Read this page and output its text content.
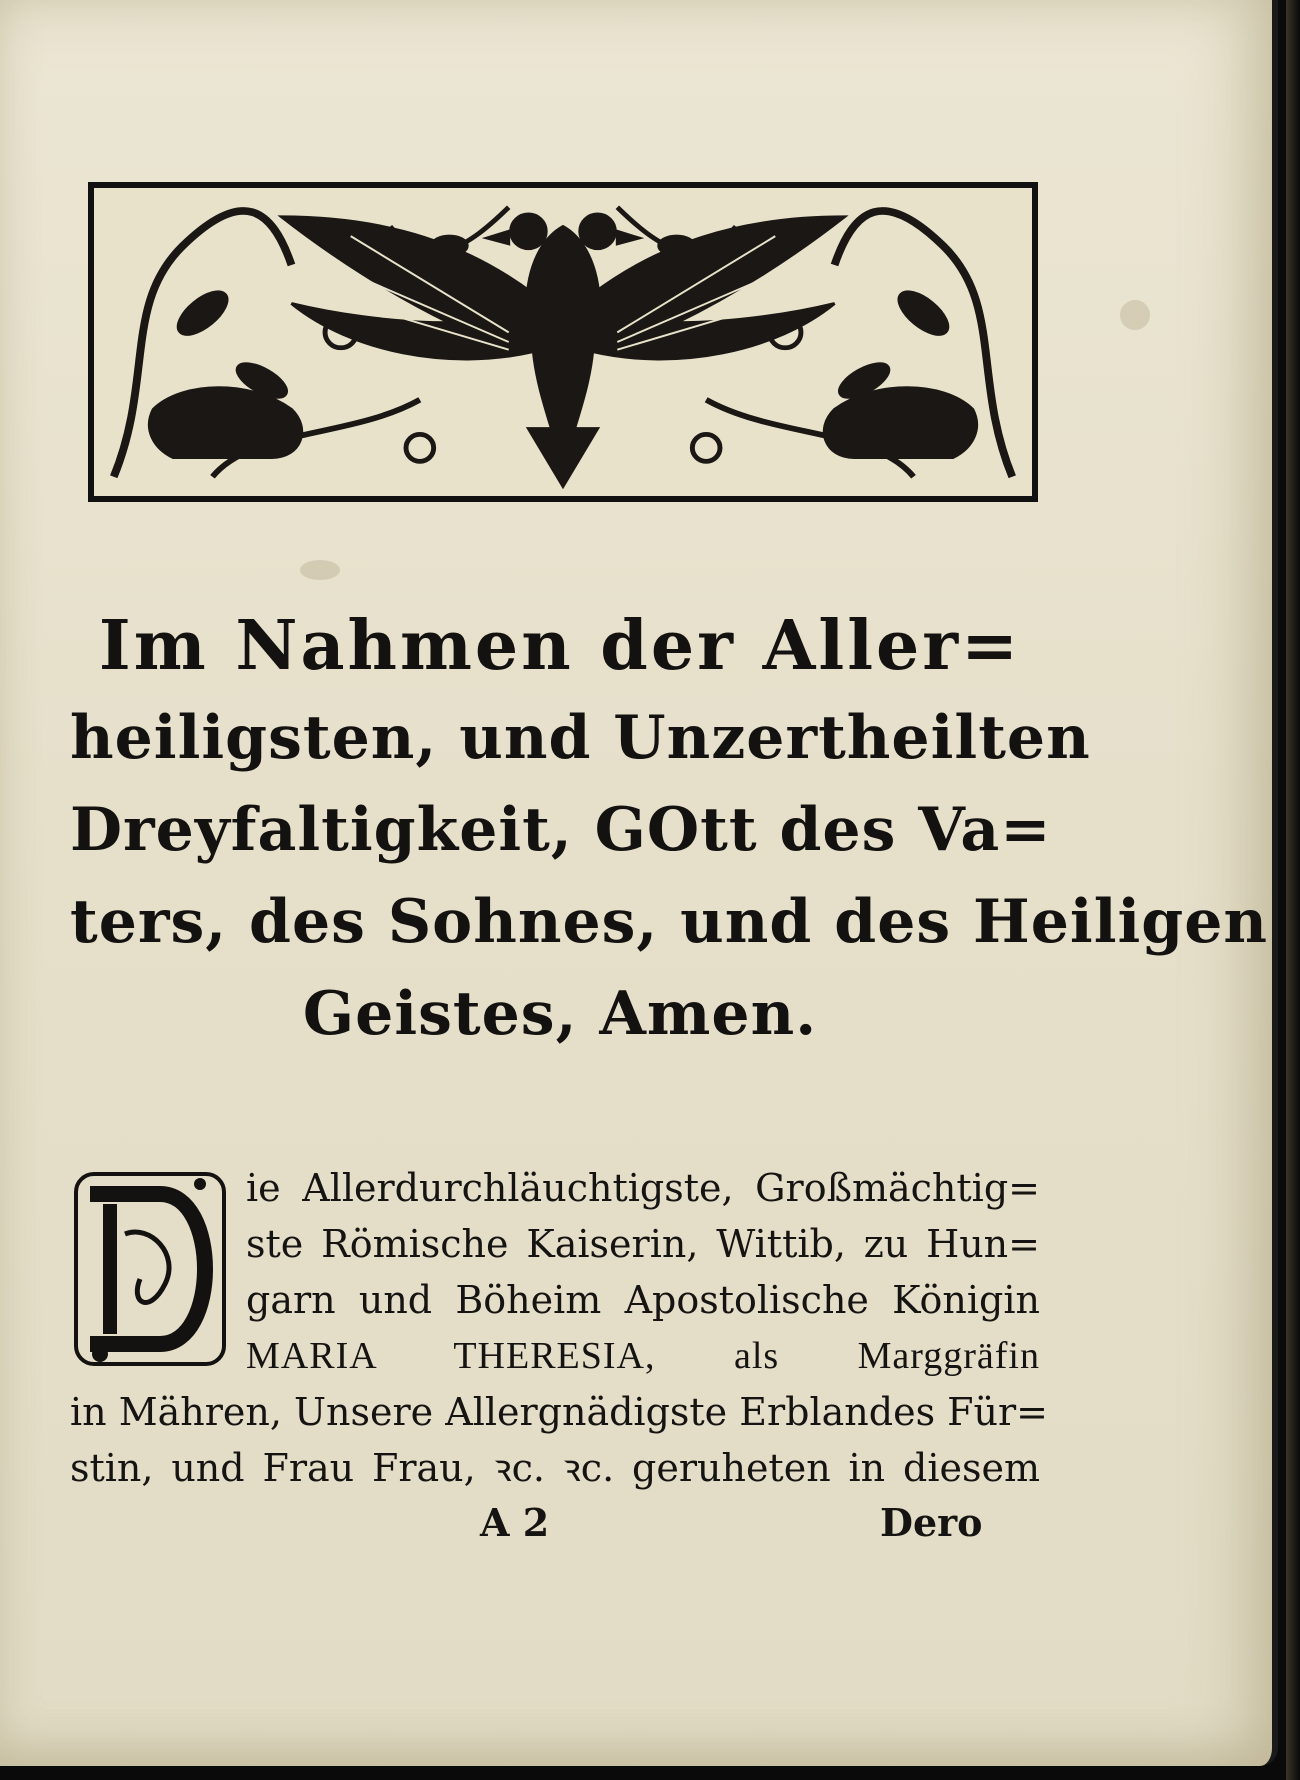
Im Nahmen der Aller=
heiligsten, und Unzertheilten
Dreyfaltigkeit, GOtt des Va=
ters, des Sohnes, und des Heiligen
Geistes, Amen.
D
ie Allerdurchläuchtigste, Großmächtig=
ste Römische Kaiserin, Wittib, zu Hun=
garn und Böheim Apostolische Königin
MARIA THERESIA, als Marggräfin
in Mähren, Unsere Allergnädigste Erblandes Für=
stin, und Frau Frau, ꝛc. ꝛc. geruheten in diesem
A 2	Dero
